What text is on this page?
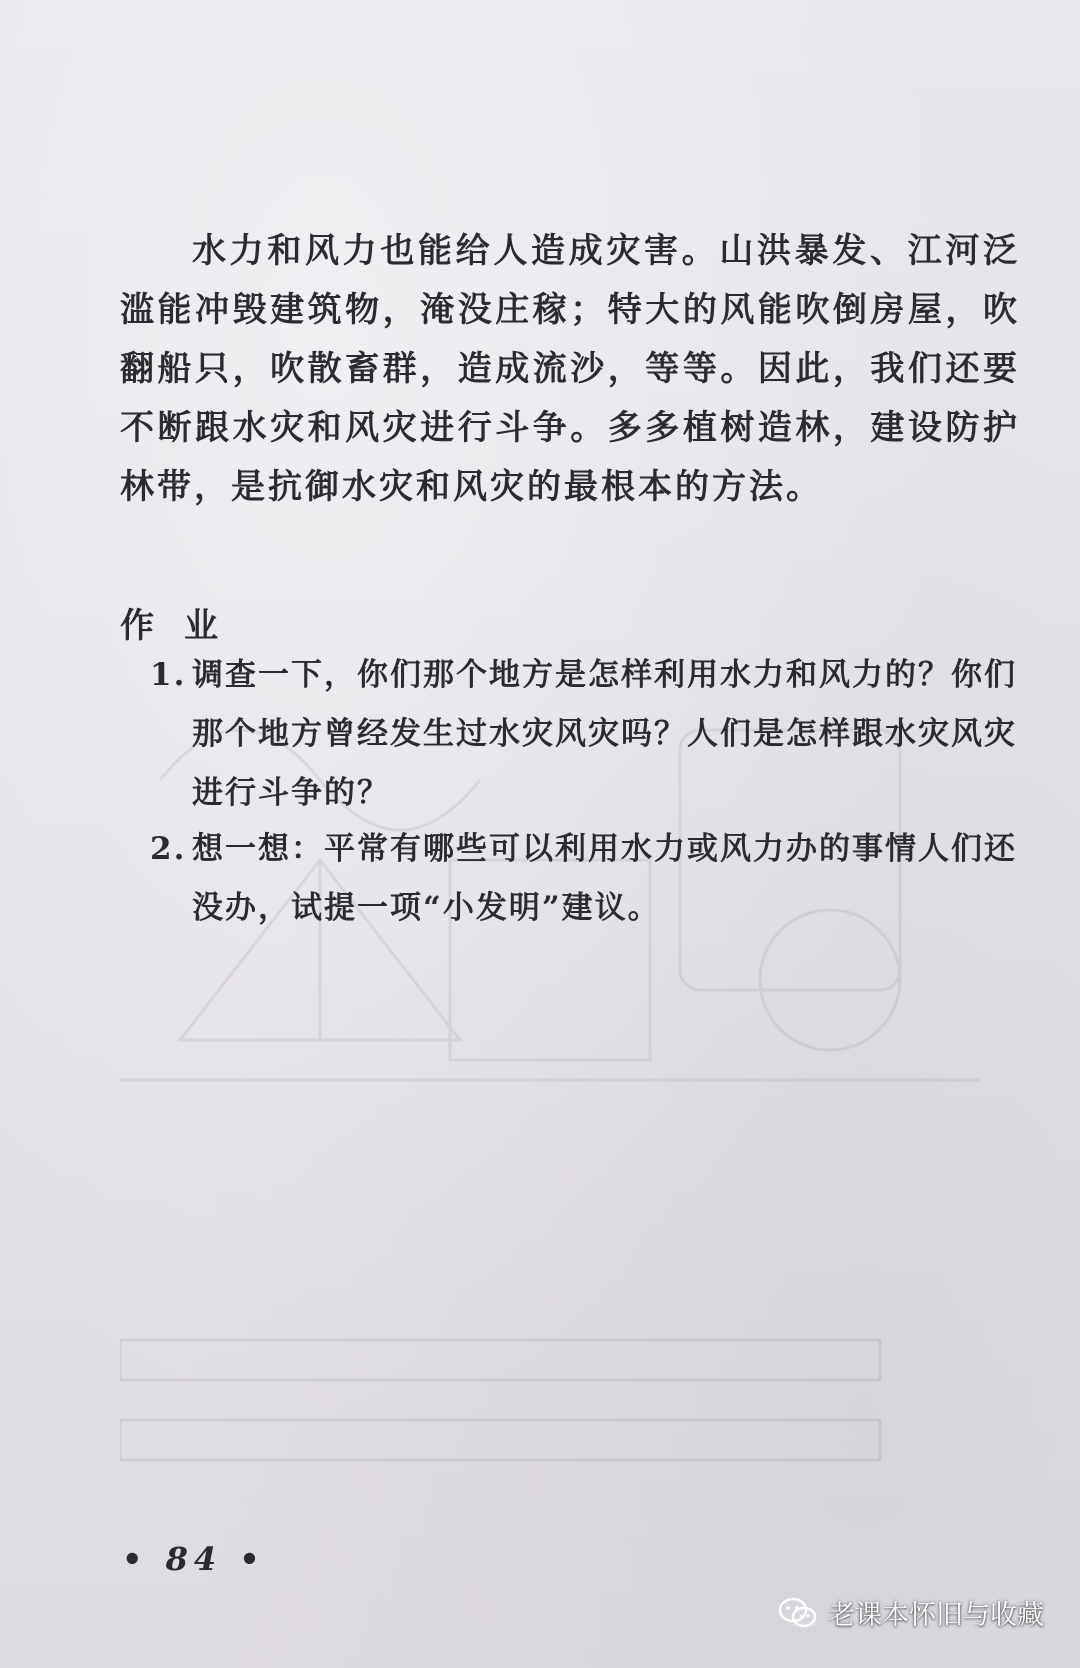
水力和风力也能给人造成灾害。山洪暴发、江河泛滥能冲毁建筑物，淹没庄稼；特大的风能吹倒房屋，吹翻船只，吹散畜群，造成流沙，等等。因此，我们还要不断跟水灾和风灾进行斗争。多多植树造林，建设防护林带，是抗御水灾和风灾的最根本的方法。

作业
1. 调查一下，你们那个地方是怎样利用水力和风力的？你们那个地方曾经发生过水灾风灾吗？人们是怎样跟水灾风灾进行斗争的？
2. 想一想：平常有哪些可以利用水力或风力办的事情人们还没办，试提一项“小发明”建议。
• 84 •
老课本怀旧与收藏
